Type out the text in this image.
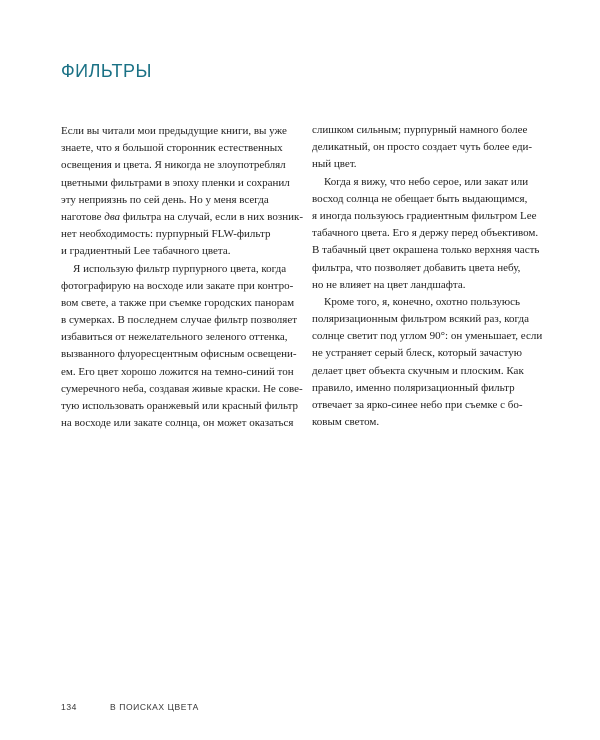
ФИЛЬТРЫ
Если вы читали мои предыдущие книги, вы уже
знаете, что я большой сторонник естественных
освещения и цвета. Я никогда не злоупотреблял
цветными фильтрами в эпоху пленки и сохранил
эту неприязнь по сей день. Но у меня всегда
наготове два фильтра на случай, если в них возник-
нет необходимость: пурпурный FLW-фильтр
и градиентный Lee табачного цвета.
Я использую фильтр пурпурного цвета, когда
фотографирую на восходе или закате при контро-
вом свете, а также при съемке городских панорам
в сумерках. В последнем случае фильтр позволяет
избавиться от нежелательного зеленого оттенка,
вызванного флуоресцентным офисным освещени-
ем. Его цвет хорошо ложится на темно-синий тон
сумеречного неба, создавая живые краски. Не сове-
тую использовать оранжевый или красный фильтр
на восходе или закате солнца, он может оказаться
слишком сильным; пурпурный намного более
деликатный, он просто создает чуть более еди-
ный цвет.
Когда я вижу, что небо серое, или закат или
восход солнца не обещает быть выдающимся,
я иногда пользуюсь градиентным фильтром Lee
табачного цвета. Его я держу перед объективом.
В табачный цвет окрашена только верхняя часть
фильтра, что позволяет добавить цвета небу,
но не влияет на цвет ландшафта.
Кроме того, я, конечно, охотно пользуюсь
поляризационным фильтром всякий раз, когда
солнце светит под углом 90°: он уменьшает, если
не устраняет серый блеск, который зачастую
делает цвет объекта скучным и плоским. Как
правило, именно поляризационный фильтр
отвечает за ярко-синее небо при съемке с бо-
ковым светом.
134	В ПОИСКАХ ЦВЕТА
